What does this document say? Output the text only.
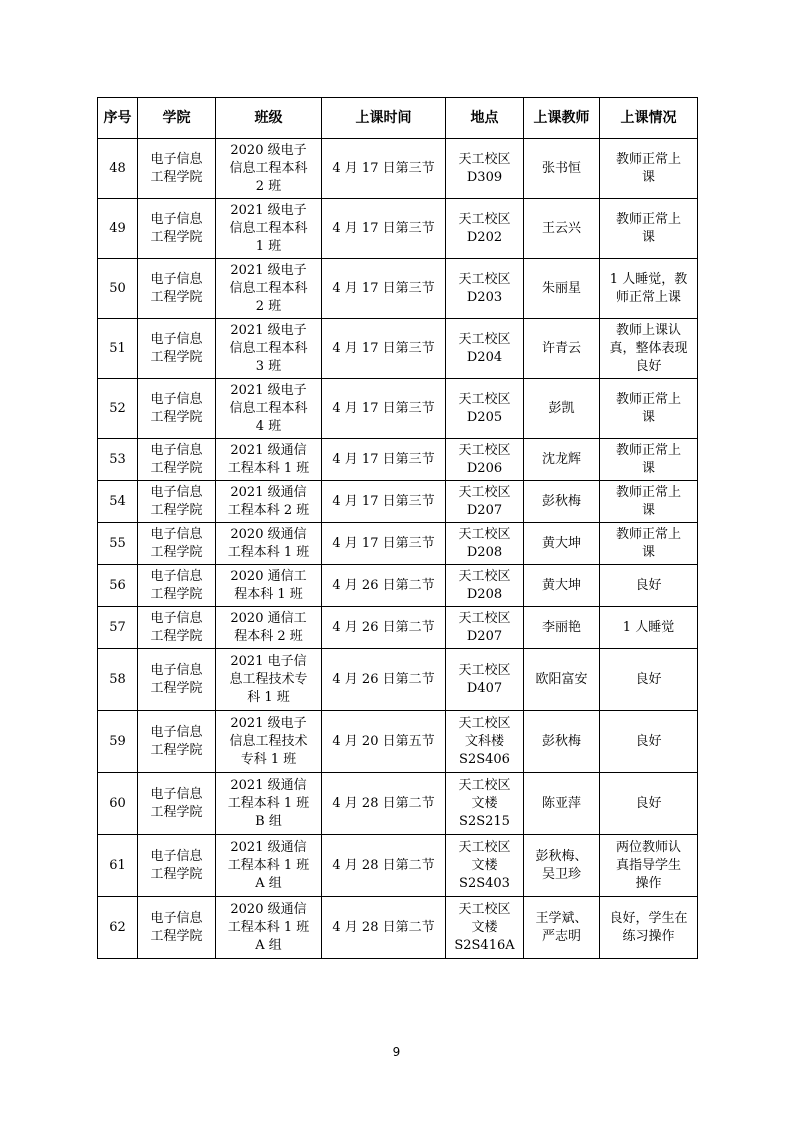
序号	学院	班级	上课时间	地点	上课教师	上课情况
48	电子信息
工程学院	2020 级电子
信息工程本科
2 班	4 月 17 日第三节	天工校区
D309	张书恒	教师正常上
课

49	电子信息
工程学院	2021 级电子
信息工程本科
1 班	4 月 17 日第三节	天工校区
D202	王云兴	教师正常上
课

50	电子信息
工程学院	2021 级电子
信息工程本科
2 班	4 月 17 日第三节	天工校区
D203	朱丽星	1 人睡觉，教
师正常上课

51	电子信息
工程学院	2021 级电子
信息工程本科
3 班	4 月 17 日第三节	天工校区
D204	许青云	教师上课认
真，整体表现
良好

52	电子信息
工程学院	2021 级电子
信息工程本科
4 班	4 月 17 日第三节	天工校区
D205	彭凯	教师正常上
课

53	电子信息
工程学院	2021 级通信
工程本科 1 班	4 月 17 日第三节	天工校区
D206	沈龙辉	教师正常上
课

54	电子信息
工程学院	2021 级通信
工程本科 2 班	4 月 17 日第三节	天工校区
D207	彭秋梅	教师正常上
课

55	电子信息
工程学院	2020 级通信
工程本科 1 班	4 月 17 日第三节	天工校区
D208	黄大坤	教师正常上
课

56	电子信息
工程学院	2020 通信工
程本科 1 班	4 月 26 日第二节	天工校区
D208	黄大坤	良好

57	电子信息
工程学院	2020 通信工
程本科 2 班	4 月 26 日第二节	天工校区
D207	李丽艳	1 人睡觉

58	电子信息
工程学院	2021 电子信
息工程技术专
科 1 班	4 月 26 日第二节	天工校区
D407	欧阳富安	良好

59	电子信息
工程学院	2021 级电子
信息工程技术
专科 1 班	4 月 20 日第五节	天工校区
文科楼
S2S406	彭秋梅	良好

60	电子信息
工程学院	2021 级通信
工程本科 1 班
B 组	4 月 28 日第二节	天工校区
文楼
S2S215	陈亚萍	良好

61	电子信息
工程学院	2021 级通信
工程本科 1 班
A 组	4 月 28 日第二节	天工校区
文楼
S2S403	彭秋梅、
吴卫珍	两位教师认
真指导学生
操作

62	电子信息
工程学院	2020 级通信
工程本科 1 班
A 组	4 月 28 日第二节	天工校区
文楼
S2S416A	王学斌、
严志明	良好，学生在
练习操作
9
